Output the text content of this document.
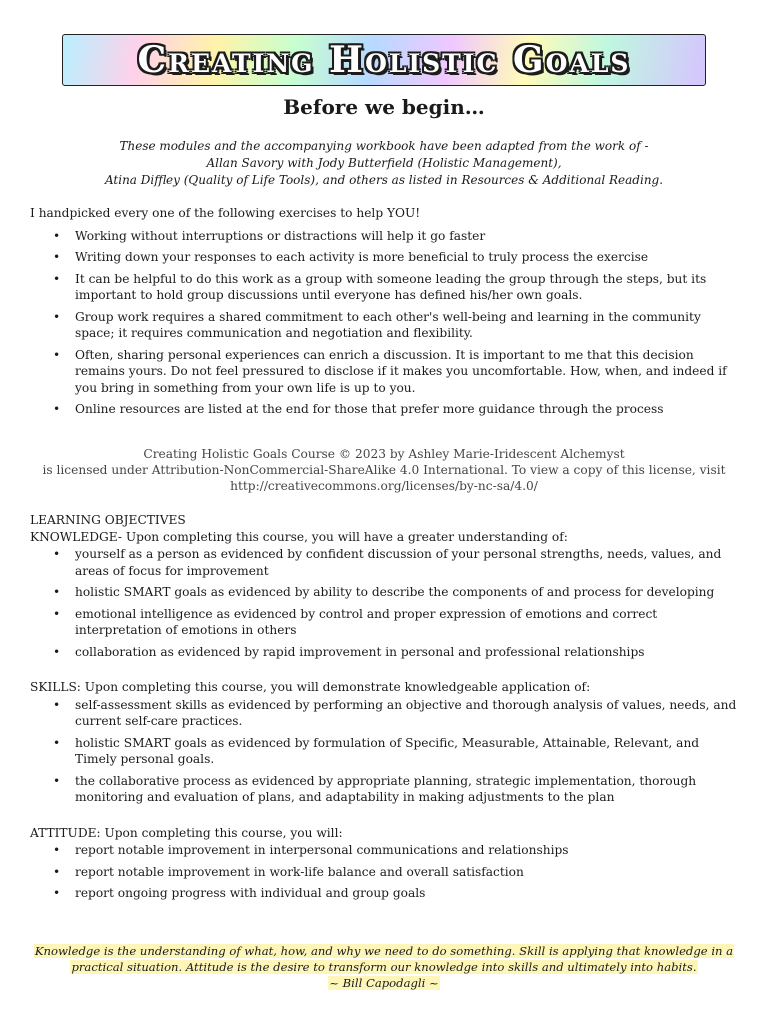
Creating Holistic Goals
Before we begin…
These modules and the accompanying workbook have been adapted from the work of -
Allan Savory with Jody Butterfield (Holistic Management),
Atina Diffley (Quality of Life Tools), and others as listed in Resources & Additional Reading.
I handpicked every one of the following exercises to help YOU!
• Working without interruptions or distractions will help it go faster
• Writing down your responses to each activity is more beneficial to truly process the exercise
• It can be helpful to do this work as a group with someone leading the group through the steps, but its important to hold group discussions until everyone has defined his/her own goals.
• Group work requires a shared commitment to each other's well-being and learning in the community space; it requires communication and negotiation and flexibility.
• Often, sharing personal experiences can enrich a discussion. It is important to me that this decision remains yours. Do not feel pressured to disclose if it makes you uncomfortable. How, when, and indeed if you bring in something from your own life is up to you.
• Online resources are listed at the end for those that prefer more guidance through the process
Creating Holistic Goals Course © 2023 by Ashley Marie-Iridescent Alchemyst
is licensed under Attribution-NonCommercial-ShareAlike 4.0 International. To view a copy of this license, visit
http://creativecommons.org/licenses/by-nc-sa/4.0/
LEARNING OBJECTIVES
KNOWLEDGE- Upon completing this course, you will have a greater understanding of:
• yourself as a person as evidenced by confident discussion of your personal strengths, needs, values, and areas of focus for improvement
• holistic SMART goals as evidenced by ability to describe the components of and process for developing
• emotional intelligence as evidenced by control and proper expression of emotions and correct interpretation of emotions in others
• collaboration as evidenced by rapid improvement in personal and professional relationships
SKILLS: Upon completing this course, you will demonstrate knowledgeable application of:
• self-assessment skills as evidenced by performing an objective and thorough analysis of values, needs, and current self-care practices.
• holistic SMART goals as evidenced by formulation of Specific, Measurable, Attainable, Relevant, and Timely personal goals.
• the collaborative process as evidenced by appropriate planning, strategic implementation, thorough monitoring and evaluation of plans, and adaptability in making adjustments to the plan
ATTITUDE: Upon completing this course, you will:
• report notable improvement in interpersonal communications and relationships
• report notable improvement in work-life balance and overall satisfaction
• report ongoing progress with individual and group goals
Knowledge is the understanding of what, how, and why we need to do something. Skill is applying that knowledge in a
practical situation. Attitude is the desire to transform our knowledge into skills and ultimately into habits.
~ Bill Capodagli ~
